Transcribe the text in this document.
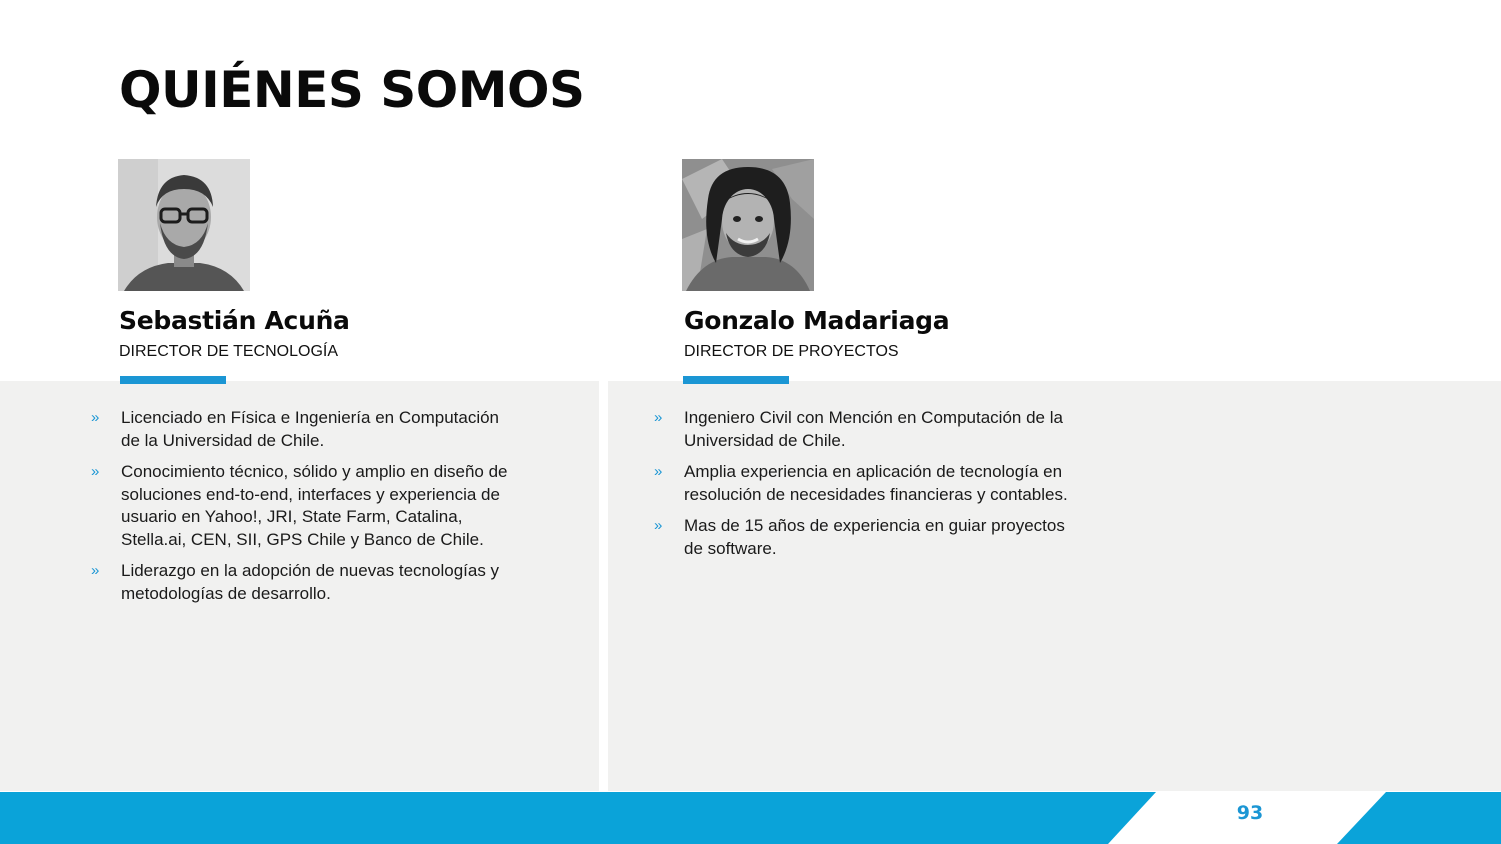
QUIÉNES SOMOS
Sebastián Acuña
DIRECTOR DE TECNOLOGÍA
» Licenciado en Física e Ingeniería en Computación de la Universidad de Chile.
» Conocimiento técnico, sólido y amplio en diseño de soluciones end-to-end, interfaces y experiencia de usuario en Yahoo!, JRI, State Farm, Catalina, Stella.ai, CEN, SII, GPS Chile y Banco de Chile.
» Liderazgo en la adopción de nuevas tecnologías y metodologías de desarrollo.
Gonzalo Madariaga
DIRECTOR DE PROYECTOS
» Ingeniero Civil con Mención en Computación de la Universidad de Chile.
» Amplia experiencia en aplicación de tecnología en resolución de necesidades financieras y contables.
» Mas de 15 años de experiencia en guiar proyectos de software.
93
